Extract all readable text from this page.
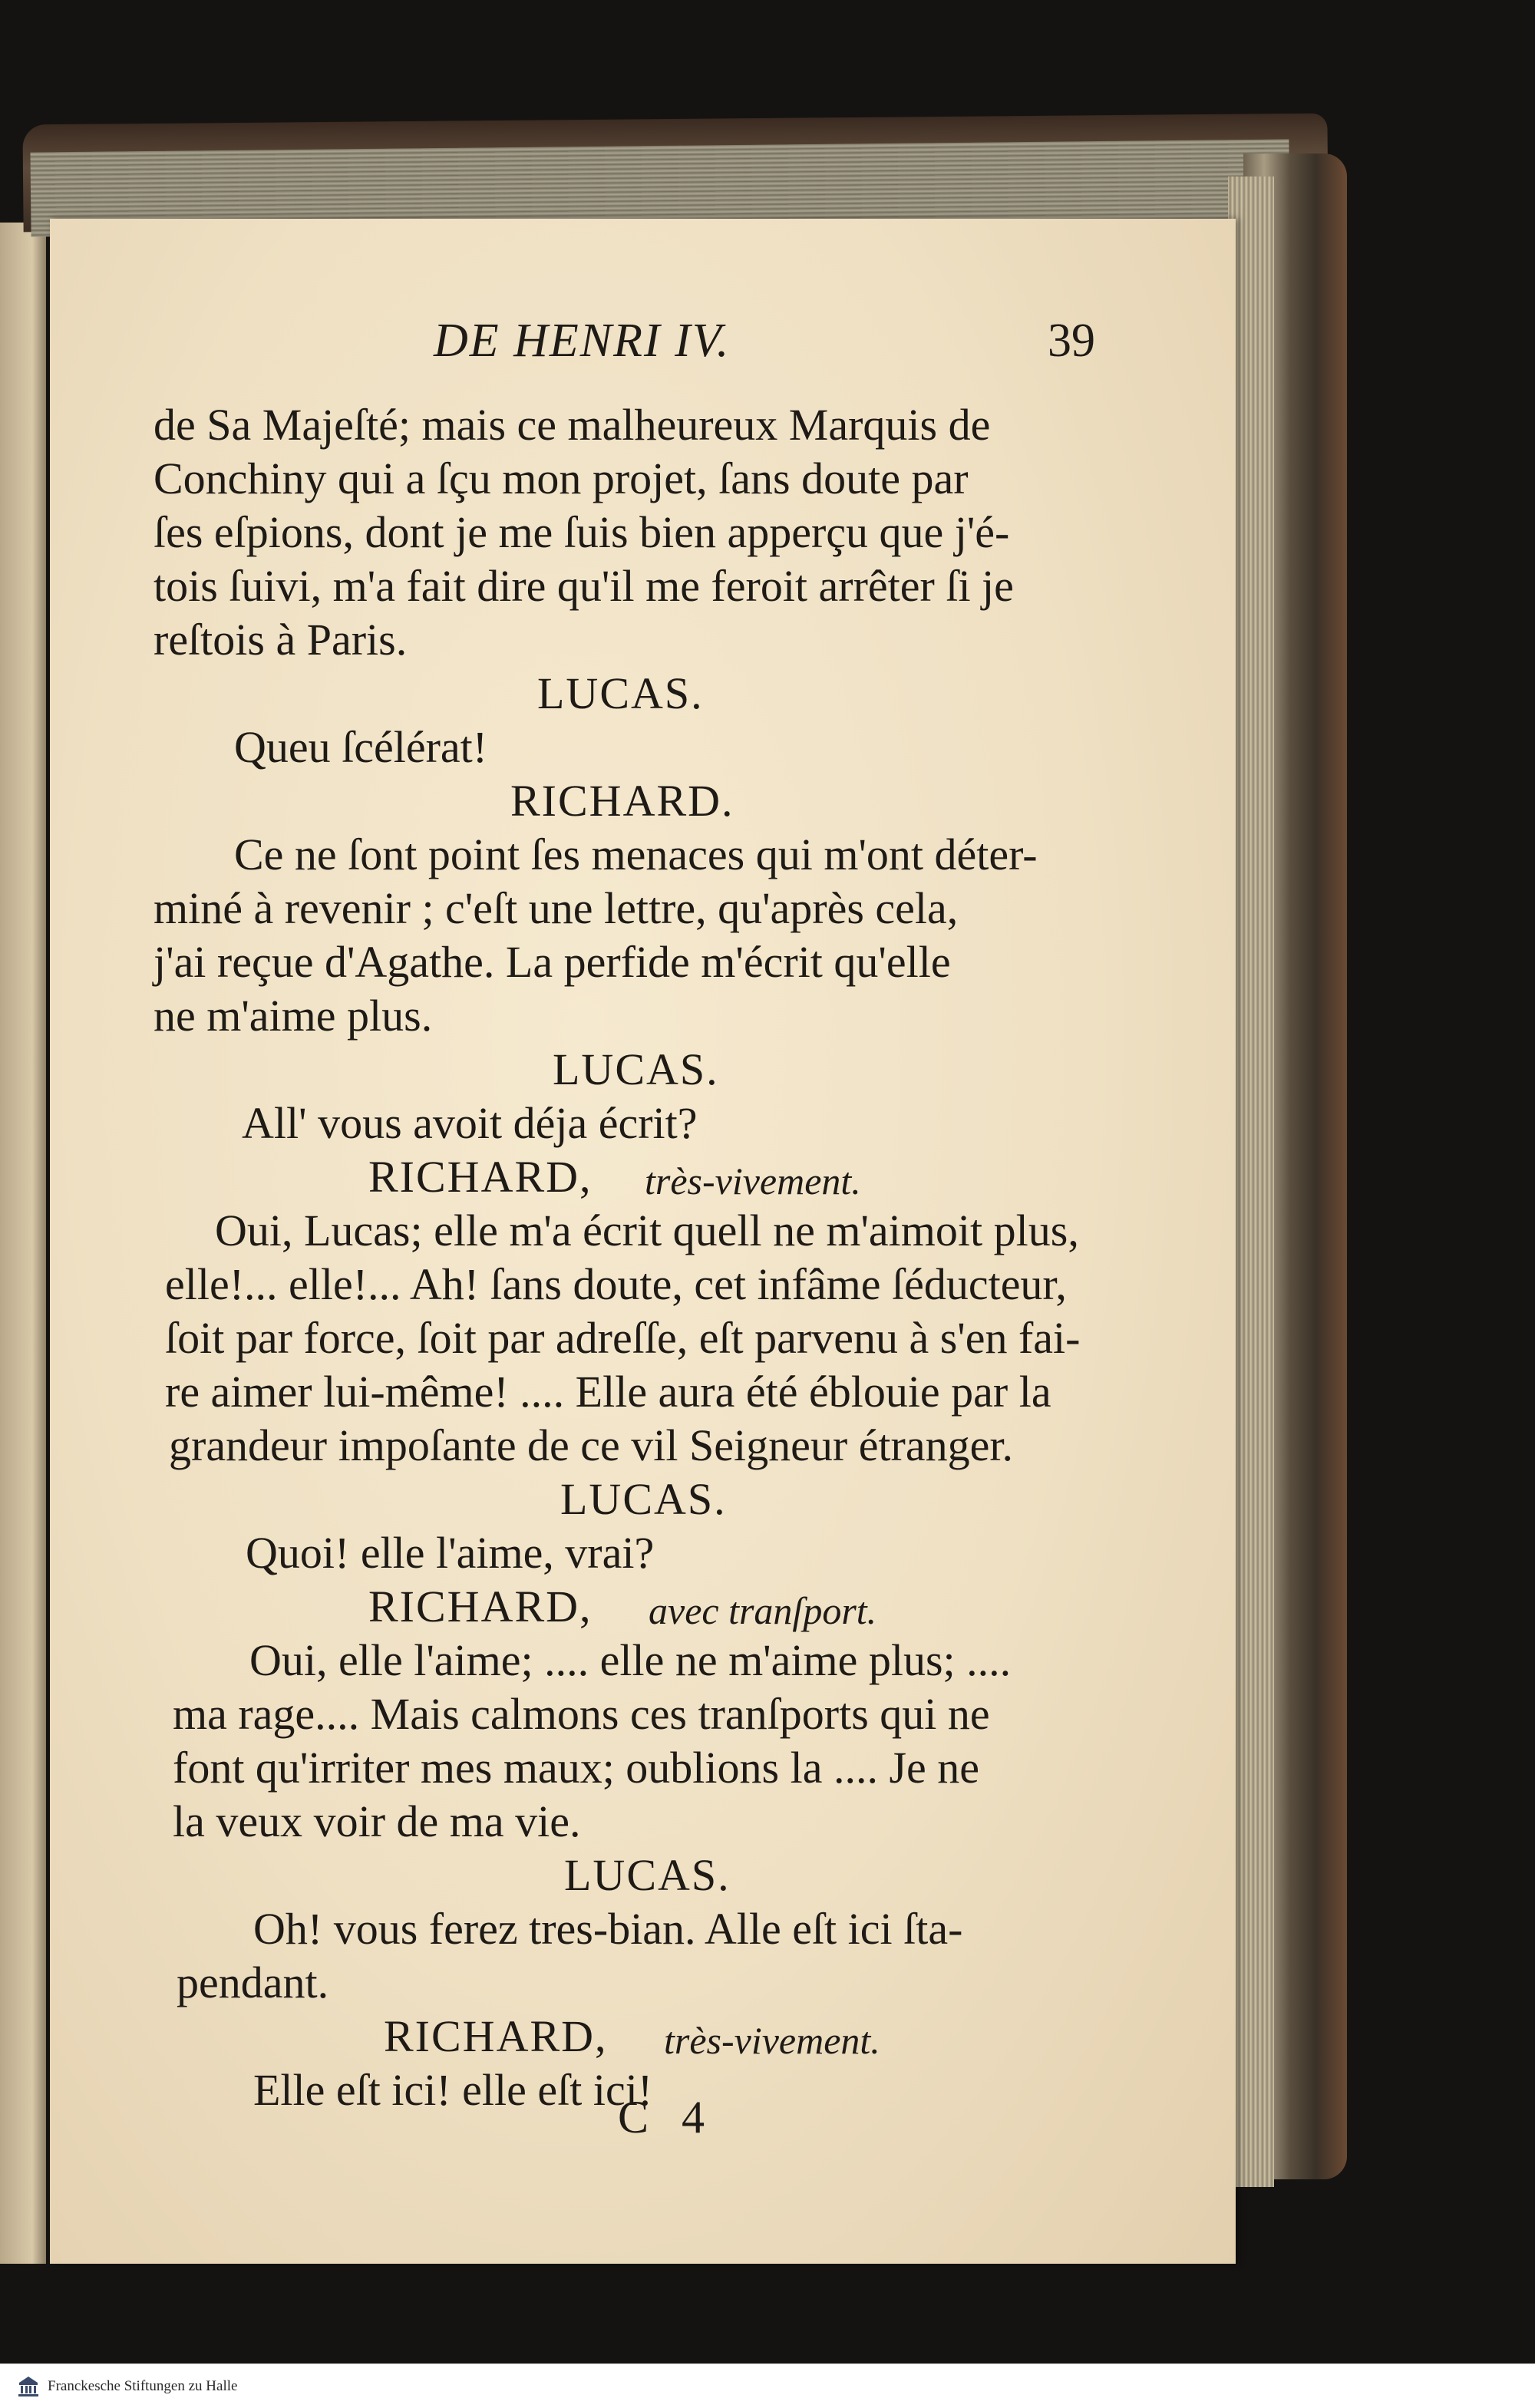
DE HENRI IV.	39
de Sa Majeſté; mais ce malheureux Marquis de
Conchiny qui a ſçu mon projet, ſans doute par
ſes eſpions, dont je me ſuis bien apperçu que j'é-
tois ſuivi, m'a fait dire qu'il me feroit arrêter ſi je
reſtois à Paris.
LUCAS.
Queu ſcélérat!
RICHARD.
Ce ne ſont point ſes menaces qui m'ont déter-
miné à revenir ; c'eſt une lettre, qu'après cela,
j'ai reçue d'Agathe. La perfide m'écrit qu'elle
ne m'aime plus.
LUCAS.
All' vous avoit déja écrit?
RICHARD, très-vivement.
Oui, Lucas; elle m'a écrit quell ne m'aimoit plus,
elle!... elle!... Ah! ſans doute, cet infâme ſéducteur,
ſoit par force, ſoit par adreſſe, eſt parvenu à s'en fai-
re aimer lui-même! .... Elle aura été éblouie par la
grandeur impoſante de ce vil Seigneur étranger.
LUCAS.
Quoi! elle l'aime, vrai?
RICHARD, avec tranſport.
Oui, elle l'aime; .... elle ne m'aime plus; ....
ma rage.... Mais calmons ces tranſports qui ne
font qu'irriter mes maux; oublions la .... Je ne
la veux voir de ma vie.
LUCAS.
Oh! vous ferez tres-bian. Alle eſt ici ſta-
pendant.
RICHARD, très-vivement.
Elle eſt ici! elle eſt ici!
C 4
Franckesche Stiftungen zu Halle
